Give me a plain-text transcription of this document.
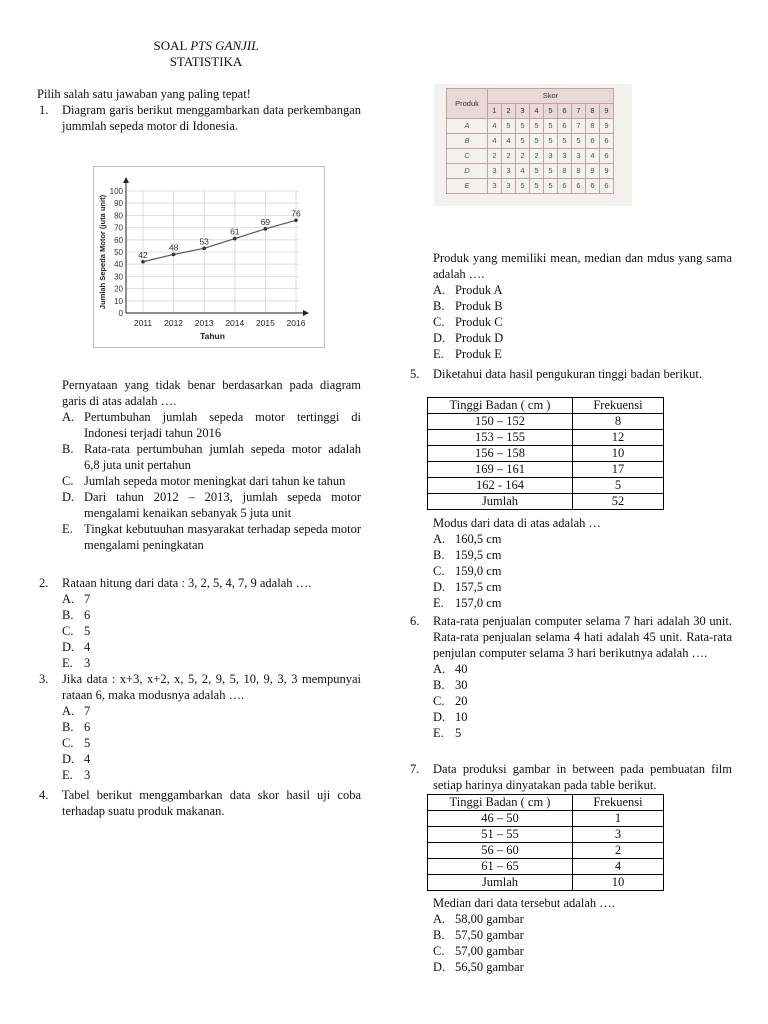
SOAL PTS GANJIL
STATISTIKA
Pilih salah satu jawaban yang paling tepat!
1. Diagram garis berikut menggambarkan data perkembangan jummlah sepeda motor di Idonesia.
0
10
20
30
40
50
60
70
80
90
100
2011 2012 2013 2014 2015 2016
42
48
53
61
69
76
Tahun
Jumlah Sepeda Motor (juta unit)
Pernyataan yang tidak benar berdasarkan pada diagram garis di atas adalah ….
A. Pertumbuhan jumlah sepeda motor tertinggi di Indonesi terjadi tahun 2016
B. Rata-rata pertumbuhan jumlah sepeda motor adalah 6,8 juta unit pertahun
C. Jumlah sepeda motor meningkat dari tahun ke tahun
D. Dari tahun 2012 – 2013, jumlah sepeda motor mengalami kenaikan sebanyak 5 juta unit
E. Tingkat kebutuuhan masyarakat terhadap sepeda motor mengalami peningkatan
2. Rataan hitung dari data : 3, 2, 5, 4, 7, 9 adalah ….
A. 7
B. 6
C. 5
D. 4
E. 3
3. Jika data : x+3, x+2, x, 5, 2, 9, 5, 10, 9, 3, 3 mempunyai rataan 6, maka modusnya adalah ….
A. 7
B. 6
C. 5
D. 4
E. 3
4. Tabel berikut menggambarkan data skor hasil uji coba terhadap suatu produk makanan.
Produk	Skor								
	1	2	3	4	5	6	7	8	9
A	4	5	5	5	5	6	7	8	9
B	4	4	5	5	5	5	5	6	6
C	2	2	2	2	3	3	3	4	6
D	3	3	4	5	5	8	8	9	9
E	3	3	5	5	5	6	6	6	6
Produk yang memiliki mean, median dan mdus yang sama adalah ….
A. Produk A
B. Produk B
C. Produk C
D. Produk D
E. Produk E
5. Diketahui data hasil pengukuran tinggi badan berikut.
Tinggi Badan ( cm )	Frekuensi
150 – 152	8
153 – 155	12
156 – 158	10
169 – 161	17
162 - 164	5
Jumlah	52
Modus dari data di atas adalah …
A. 160,5 cm
B. 159,5 cm
C. 159,0 cm
D. 157,5 cm
E. 157,0 cm
6. Rata-rata penjualan computer selama 7 hari adalah 30 unit. Rata-rata penjualan selama 4 hati adalah 45 unit. Rata-rata penjulan computer selama 3 hari berikutnya adalah ….
A. 40
B. 30
C. 20
D. 10
E. 5
7. Data produksi gambar in between pada pembuatan film setiap harinya dinyatakan pada table berikut.
Tinggi Badan ( cm )	Frekuensi
46 – 50	1
51 – 55	3
56 – 60	2
61 – 65	4
Jumlah	10
Median dari data tersebut adalah ….
A. 58,00 gambar
B. 57,50 gambar
C. 57,00 gambar
D. 56,50 gambar
